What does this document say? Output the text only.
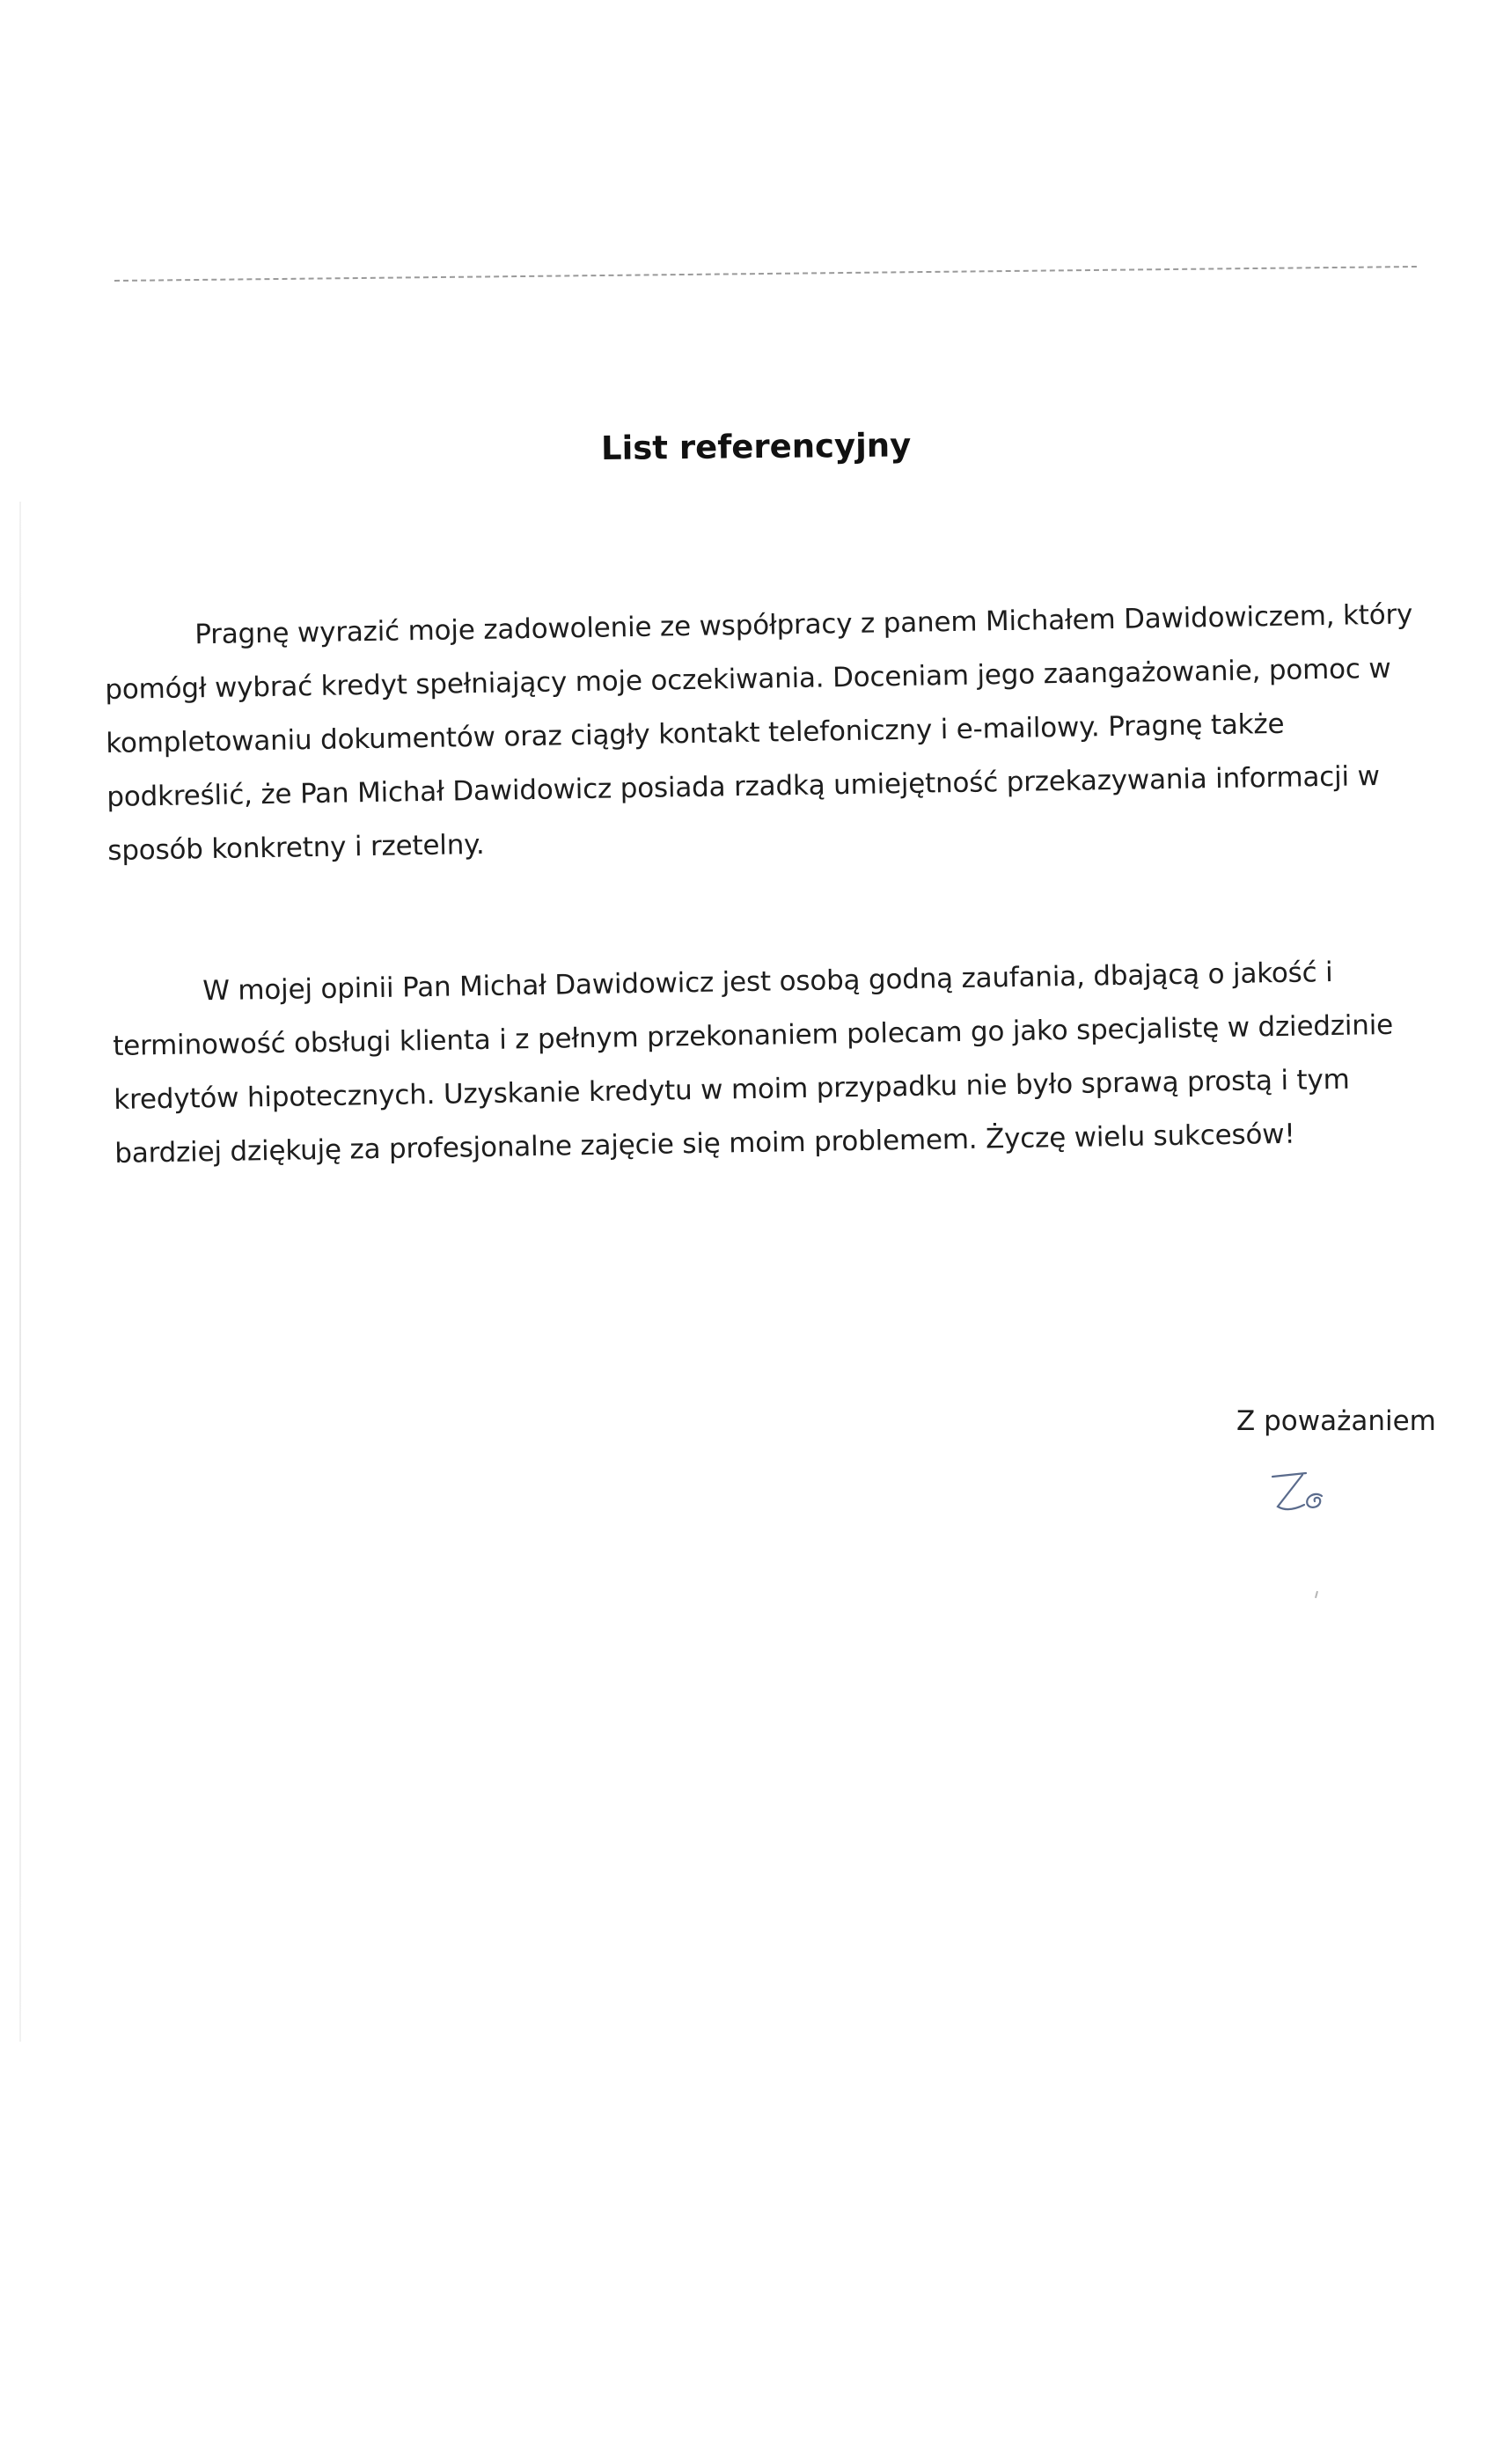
List referencyjny
Pragnę wyrazić moje zadowolenie ze współpracy z panem Michałem Dawidowiczem, który
pomógł wybrać kredyt spełniający moje oczekiwania. Doceniam jego zaangażowanie, pomoc w
kompletowaniu dokumentów oraz ciągły kontakt telefoniczny i e-mailowy. Pragnę także
podkreślić, że Pan Michał Dawidowicz posiada rzadką umiejętność przekazywania informacji w
sposób konkretny i rzetelny.
W mojej opinii Pan Michał Dawidowicz jest osobą godną zaufania, dbającą o jakość i
terminowość obsługi klienta i z pełnym przekonaniem polecam go jako specjalistę w dziedzinie
kredytów hipotecznych. Uzyskanie kredytu w moim przypadku nie było sprawą prostą i tym
bardziej dziękuję za profesjonalne zajęcie się moim problemem. Życzę wielu sukcesów!
Z poważaniem
